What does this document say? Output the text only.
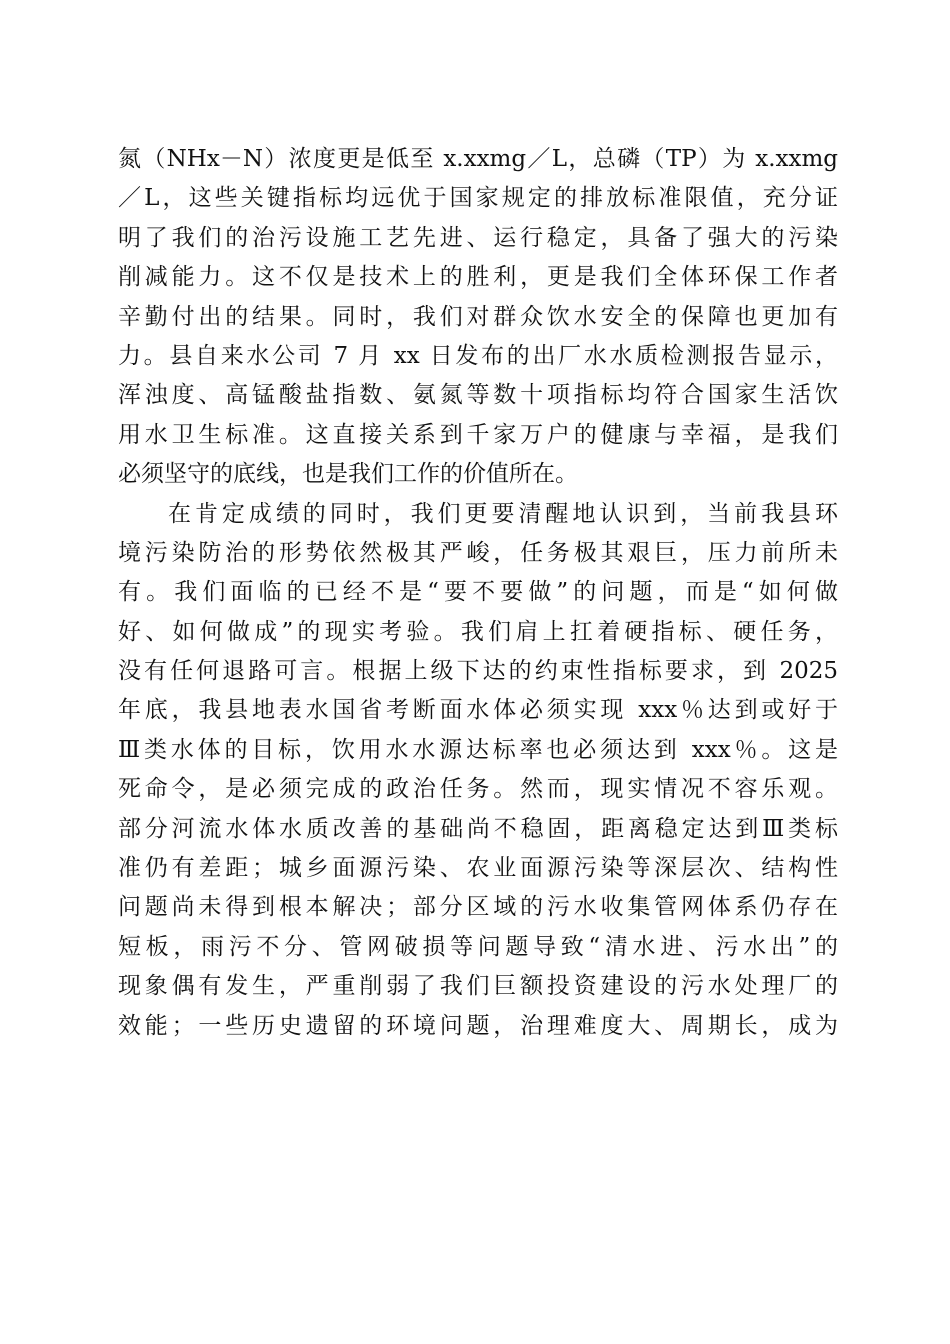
氮（NHx－N）浓度更是低至 x.xxmg／L，总磷（TP）为 x.xxmg
／L，这些关键指标均远优于国家规定的排放标准限值，充分证
明了我们的治污设施工艺先进、运行稳定，具备了强大的污染
削减能力。这不仅是技术上的胜利，更是我们全体环保工作者
辛勤付出的结果。同时，我们对群众饮水安全的保障也更加有
力。县自来水公司 7 月 xx 日发布的出厂水水质检测报告显示，
浑浊度、高锰酸盐指数、氨氮等数十项指标均符合国家生活饮
用水卫生标准。这直接关系到千家万户的健康与幸福，是我们
必须坚守的底线，也是我们工作的价值所在。
在肯定成绩的同时，我们更要清醒地认识到，当前我县环
境污染防治的形势依然极其严峻，任务极其艰巨，压力前所未
有。我们面临的已经不是“要不要做”的问题，而是“如何做
好、如何做成”的现实考验。我们肩上扛着硬指标、硬任务，
没有任何退路可言。根据上级下达的约束性指标要求，到 2025
年底，我县地表水国省考断面水体必须实现 xxx％达到或好于
Ⅲ类水体的目标，饮用水水源达标率也必须达到 xxx％。这是
死命令，是必须完成的政治任务。然而，现实情况不容乐观。
部分河流水体水质改善的基础尚不稳固，距离稳定达到Ⅲ类标
准仍有差距；城乡面源污染、农业面源污染等深层次、结构性
问题尚未得到根本解决；部分区域的污水收集管网体系仍存在
短板，雨污不分、管网破损等问题导致“清水进、污水出”的
现象偶有发生，严重削弱了我们巨额投资建设的污水处理厂的
效能；一些历史遗留的环境问题，治理难度大、周期长，成为
